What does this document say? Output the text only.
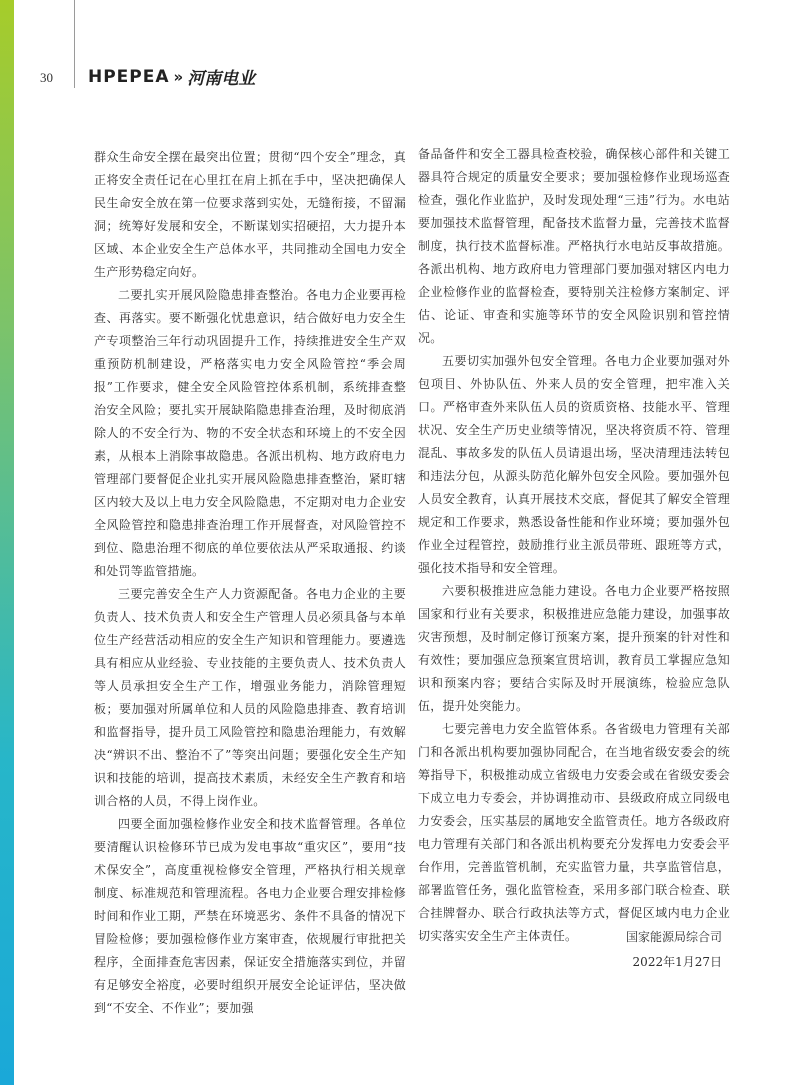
30 HPEPEA » 河南电业

群众生命安全摆在最突出位置；贯彻“四个安全”理念，真正将安全责任记在心里扛在肩上抓在手中，坚决把确保人民生命安全放在第一位要求落到实处，无缝衔接，不留漏洞；统筹好发展和安全，不断谋划实招硬招，大力提升本区域、本企业安全生产总体水平，共同推动全国电力安全生产形势稳定向好。

二要扎实开展风险隐患排查整治。各电力企业要再检查、再落实。要不断强化忧患意识，结合做好电力安全生产专项整治三年行动巩固提升工作，持续推进安全生产双重预防机制建设，严格落实电力安全风险管控“季会周报”工作要求，健全安全风险管控体系机制，系统排查整治安全风险；要扎实开展缺陷隐患排查治理，及时彻底消除人的不安全行为、物的不安全状态和环境上的不安全因素，从根本上消除事故隐患。各派出机构、地方政府电力管理部门要督促企业扎实开展风险隐患排查整治，紧盯辖区内较大及以上电力安全风险隐患，不定期对电力企业安全风险管控和隐患排查治理工作开展督查，对风险管控不到位、隐患治理不彻底的单位要依法从严采取通报、约谈和处罚等监管措施。

三要完善安全生产人力资源配备。各电力企业的主要负责人、技术负责人和安全生产管理人员必须具备与本单位生产经营活动相应的安全生产知识和管理能力。要遴选具有相应从业经验、专业技能的主要负责人、技术负责人等人员承担安全生产工作，增强业务能力，消除管理短板；要加强对所属单位和人员的风险隐患排查、教育培训和监督指导，提升员工风险管控和隐患治理能力，有效解决“辨识不出、整治不了”等突出问题；要强化安全生产知识和技能的培训，提高技术素质，未经安全生产教育和培训合格的人员，不得上岗作业。

四要全面加强检修作业安全和技术监督管理。各单位要清醒认识检修环节已成为发电事故“重灾区”，要用“技术保安全”，高度重视检修安全管理，严格执行相关规章制度、标准规范和管理流程。各电力企业要合理安排检修时间和作业工期，严禁在环境恶劣、条件不具备的情况下冒险检修；要加强检修作业方案审查，依规履行审批把关程序，全面排查危害因素，保证安全措施落实到位，并留有足够安全裕度，必要时组织开展安全论证评估，坚决做到“不安全、不作业”；要加强

备品备件和安全工器具检查校验，确保核心部件和关键工器具符合规定的质量安全要求；要加强检修作业现场巡查检查，强化作业监护，及时发现处理“三违”行为。水电站要加强技术监督管理，配备技术监督力量，完善技术监督制度，执行技术监督标准。严格执行水电站反事故措施。各派出机构、地方政府电力管理部门要加强对辖区内电力企业检修作业的监督检查，要特别关注检修方案制定、评估、论证、审查和实施等环节的安全风险识别和管控情况。

五要切实加强外包安全管理。各电力企业要加强对外包项目、外协队伍、外来人员的安全管理，把牢准入关口。严格审查外来队伍人员的资质资格、技能水平、管理状况、安全生产历史业绩等情况，坚决将资质不符、管理混乱、事故多发的队伍人员请退出场，坚决清理违法转包和违法分包，从源头防范化解外包安全风险。要加强外包人员安全教育，认真开展技术交底，督促其了解安全管理规定和工作要求，熟悉设备性能和作业环境；要加强外包作业全过程管控，鼓励推行业主派员带班、跟班等方式，强化技术指导和安全管理。

六要积极推进应急能力建设。各电力企业要严格按照国家和行业有关要求，积极推进应急能力建设，加强事故灾害预想，及时制定修订预案方案，提升预案的针对性和有效性；要加强应急预案宣贯培训，教育员工掌握应急知识和预案内容；要结合实际及时开展演练，检验应急队伍，提升处突能力。

七要完善电力安全监管体系。各省级电力管理有关部门和各派出机构要加强协同配合，在当地省级安委会的统筹指导下，积极推动成立省级电力安委会或在省级安委会下成立电力专委会，并协调推动市、县级政府成立同级电力安委会，压实基层的属地安全监管责任。地方各级政府电力管理有关部门和各派出机构要充分发挥电力安委会平台作用，完善监管机制，充实监管力量，共享监管信息，部署监管任务，强化监管检查，采用多部门联合检查、联合挂牌督办、联合行政执法等方式，督促区域内电力企业切实落实安全生产主体责任。	国家能源局综合司
2022年1月27日
